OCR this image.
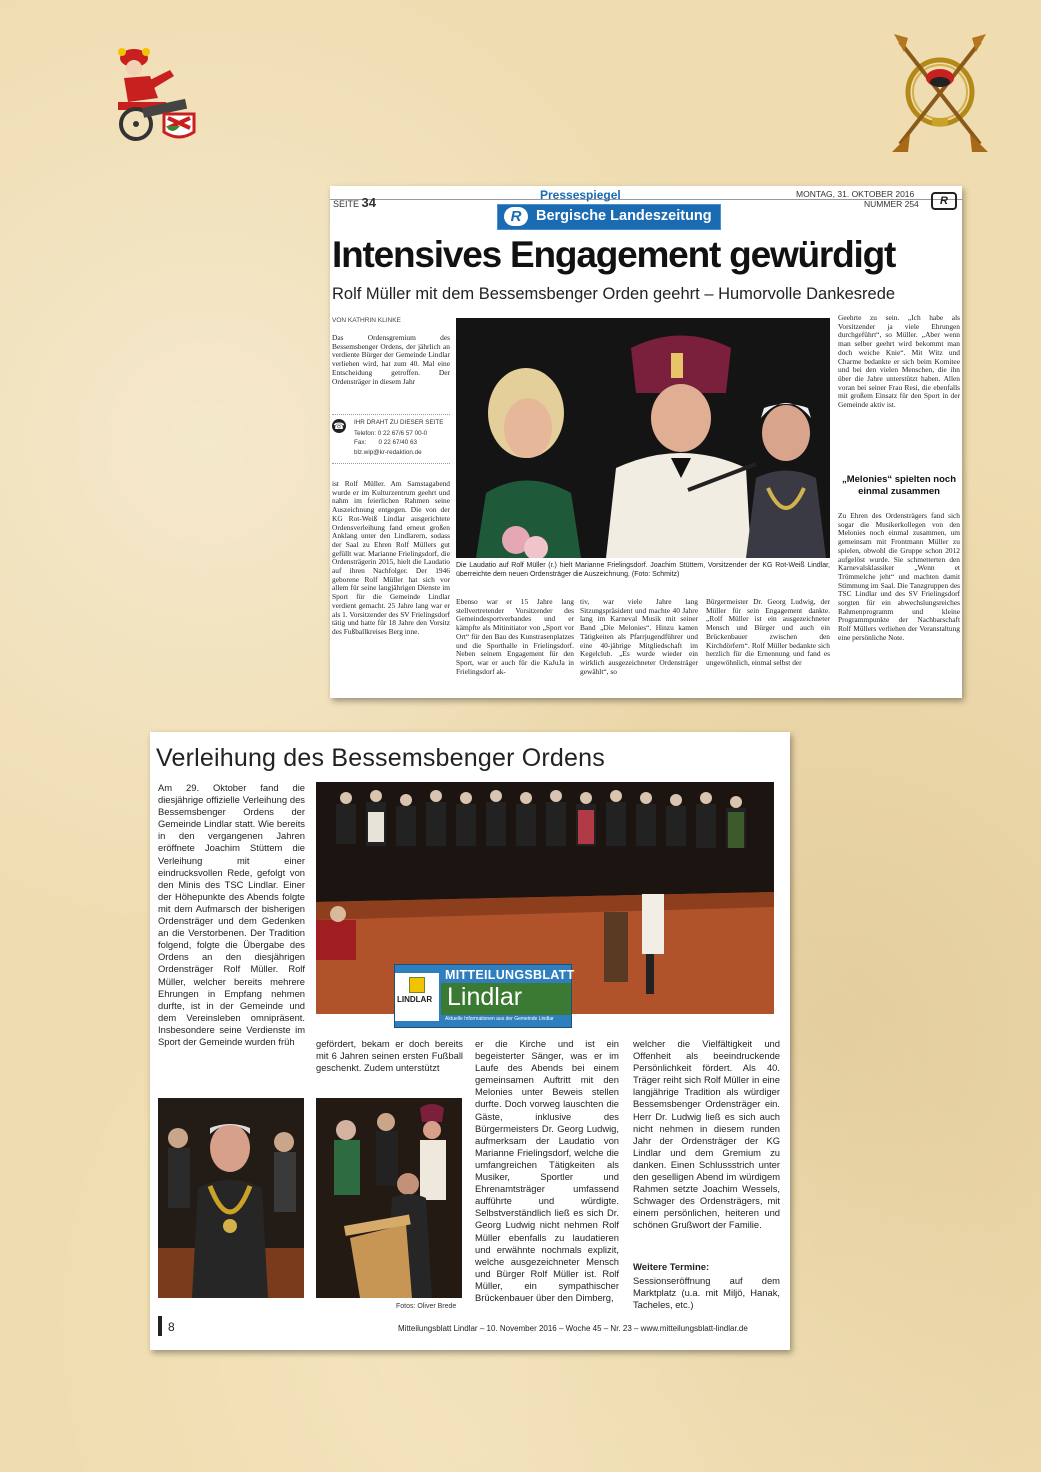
SEITE 34	Pressespiegel
R	Bergische Landeszeitung
MONTAG, 31. OKTOBER 2016
NUMMER 254	R
Intensives Engagement gewürdigt
Rolf Müller mit dem Bessemsbenger Orden geehrt – Humorvolle Dankesrede
VON KATHRIN KLINKE
Das Ordensgremium des Bessemsbenger Ordens, der jährlich an verdiente Bürger der Gemeinde Lindlar verliehen wird, hat zum 40. Mal eine Entscheidung getroffen. Der Ordensträger in diesem Jahr
☎ IHR DRAHT ZU DIESER SEITE
Telefon: 0 22 67/6 57 00-0
Fax:       0 22 67/40 63
blz.wip@kr-redaktion.de
ist Rolf Müller. Am Samstagabend wurde er im Kulturzentrum geehrt und nahm im feierlichen Rahmen seine Auszeichnung entgegen. Die von der KG Rot-Weiß Lindlar ausgerichtete Ordensverleihung fand erneut großen Anklang unter den Lindlarern, sodass der Saal zu Ehren Rolf Müllers gut gefüllt war. Marianne Frielingsdorf, die Ordensträgerin 2015, hielt die Laudatio auf ihren Nachfolger. Der 1946 geborene Rolf Müller hat sich vor allem für seine langjährigen Dienste im Sport für die Gemeinde Lindlar verdient gemacht. 25 Jahre lang war er als 1. Vorsitzender des SV Frielingsdorf tätig und hatte für 18 Jahre den Vorsitz des Fußballkreises Berg inne.
Die Laudatio auf Rolf Müller (r.) hielt Marianne Frielingsdorf. Joachim Stüttem, Vorsitzender der KG Rot-Weiß Lindlar, überreichte dem neuen Ordensträger die Auszeichnung. (Foto: Schmitz)
Ebenso war er 15 Jahre lang stellvertretender Vorsitzender des Gemeindesportverbandes und er kämpfte als Mitinitiator von „Sport vor Ort“ für den Bau des Kunstrasenplatzes und die Sporthalle in Frielingsdorf. Neben seinem Engagement für den Sport, war er auch für die KaJuJa in Frielingsdorf ak-
tiv, war viele Jahre lang Sitzungspräsident und machte 40 Jahre lang im Karneval Musik mit seiner Band „Die Melonies“. Hinzu kamen Tätigkeiten als Pfarrjugendführer und eine 40-jährige Mitgliedschaft im Kegelclub. „Es wurde wieder ein wirklich ausgezeichneter Ordensträger gewählt“, so
Bürgermeister Dr. Georg Ludwig, der Müller für sein Engagement dankte. „Rolf Müller ist ein ausgezeichneter Mensch und Bürger und auch ein Brückenbauer zwischen den Kirchdörfern“. Rolf Müller bedankte sich herzlich für die Ernennung und fand es ungewöhnlich, einmal selbst der
Geehrte zu sein. „Ich habe als Vorsitzender ja viele Ehrungen durchgeführt“, so Müller. „Aber wenn man selber geehrt wird bekommt man doch weiche Knie“. Mit Witz und Charme bedankte er sich beim Komitee und bei den vielen Menschen, die ihn über die Jahre unterstützt haben. Allen voran bei seiner Frau Resi, die ebenfalls mit großem Einsatz für den Sport in der Gemeinde aktiv ist.
„Melonies“ spielten noch einmal zusammen
Zu Ehren des Ordensträgers fand sich sogar die Musikerkollegen von den Melonies noch einmal zusammen, um gemeinsam mit Frontmann Müller zu spielen, obwohl die Gruppe schon 2012 aufgelöst wurde. Sie schmetterten den Karnevalsklassiker „Wenn et Trömmelche jeht“ und machten damit Stimmung im Saal. Die Tanzgruppen des TSC Lindlar und des SV Frielingsdorf sorgten für ein abwechslungsreiches Rahmenprogramm und kleine Programmpunkte der Nachbarschaft Rolf Müllers verliehen der Veranstaltung eine persönliche Note.
Verleihung des Bessemsbenger Ordens
Am 29. Oktober fand die diesjährige offizielle Verleihung des Bessemsbenger Ordens der Gemeinde Lindlar statt. Wie bereits in den vergangenen Jahren eröffnete Joachim Stüttem die Verleihung mit einer eindrucksvollen Rede, gefolgt von den Minis des TSC Lindlar. Einer der Höhepunkte des Abends folgte mit dem Aufmarsch der bisherigen Ordensträger und dem Gedenken an die Verstorbenen. Der Tradition folgend, folgte die Übergabe des Ordens an den diesjährigen Ordensträger Rolf Müller. Rolf Müller, welcher bereits mehrere Ehrungen in Empfang nehmen durfte, ist in der Gemeinde und dem Vereinsleben omnipräsent. Insbesondere seine Verdienste im Sport der Gemeinde wurden früh
LINDLAR
MITTEILUNGSBLATT
Lindlar
Aktuelle Informationen aus der Gemeinde Lindlar
gefördert, bekam er doch bereits mit 6 Jahren seinen ersten Fußball geschenkt. Zudem unterstützt
er die Kirche und ist ein begeisterter Sänger, was er im Laufe des Abends bei einem gemeinsamen Auftritt mit den Melonies unter Beweis stellen durfte. Doch vorweg lauschten die Gäste, inklusive des Bürgermeisters Dr. Georg Ludwig, aufmerksam der Laudatio von Marianne Frielingsdorf, welche die umfangreichen Tätigkeiten als Musiker, Sportler und Ehrenamtsträger umfassend aufführte und würdigte. Selbstverständlich ließ es sich Dr. Georg Ludwig nicht nehmen Rolf Müller ebenfalls zu laudatieren und erwähnte nochmals explizit, welche ausgezeichneter Mensch und Bürger Rolf Müller ist. Rolf Müller, ein sympathischer Brückenbauer über den Dimberg,
welcher die Vielfältigkeit und Offenheit als beeindruckende Persönlichkeit fördert. Als 40. Träger reiht sich Rolf Müller in eine langjährige Tradition als würdiger Bessemsbenger Ordensträger ein. Herr Dr. Ludwig ließ es sich auch nicht nehmen in diesem runden Jahr der Ordensträger der KG Lindlar und dem Gremium zu danken. Einen Schlussstrich unter den geselligen Abend im würdigem Rahmen setzte Joachim Wessels, Schwager des Ordensträgers, mit einem persönlichen, heiteren und schönen Grußwort der Familie.
Weitere Termine:
Sessionseröffnung auf dem Marktplatz (u.a. mit Miljö, Hanak, Tacheles, etc.)
Fotos: Oliver Brede
8	Mitteilungsblatt Lindlar – 10. November 2016 – Woche 45 – Nr. 23 – www.mitteilungsblatt-lindlar.de
